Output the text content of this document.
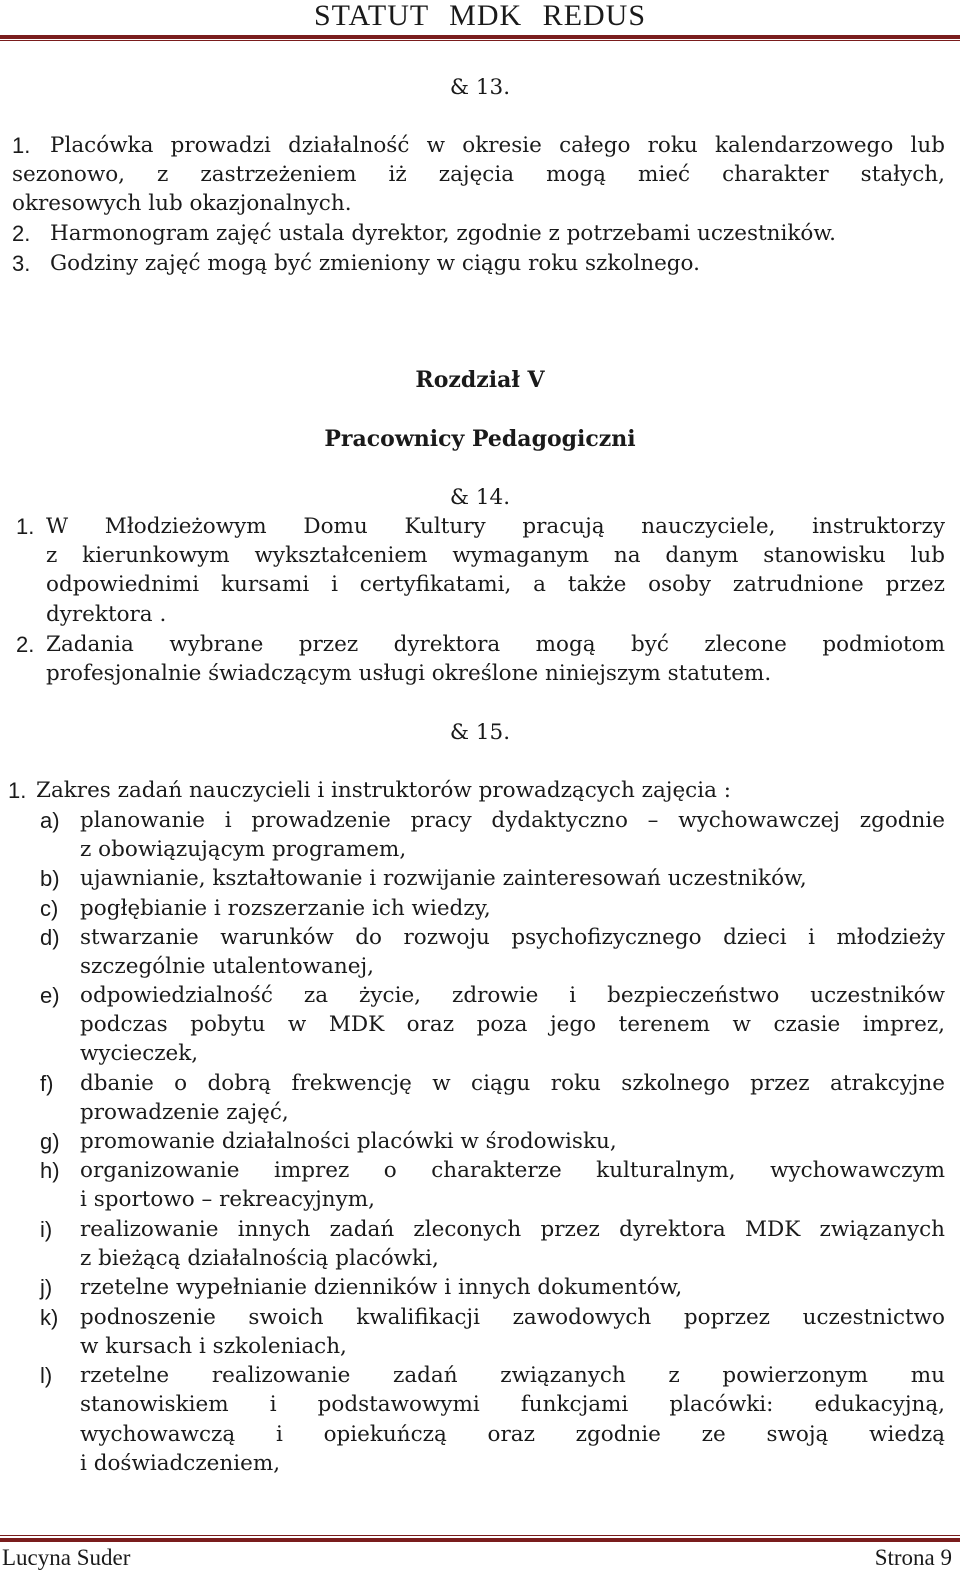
STATUT MDK REDUS
& 13.
1. Placówka prowadzi działalność w okresie całego roku kalendarzowego lub
sezonowo, z zastrzeżeniem iż zajęcia mogą mieć charakter stałych,
okresowych lub okazjonalnych.
2. Harmonogram zajęć ustala dyrektor, zgodnie z potrzebami uczestników.
3. Godziny zajęć mogą być zmieniony w ciągu roku szkolnego.
Rozdział V
Pracownicy Pedagogiczni
& 14.
1. W Młodzieżowym Domu Kultury pracują nauczyciele, instruktorzy
z kierunkowym wykształceniem wymaganym na danym stanowisku lub
odpowiednimi kursami i certyfikatami, a także osoby zatrudnione przez
dyrektora .
2. Zadania wybrane przez dyrektora mogą być zlecone podmiotom
profesjonalnie świadczącym usługi określone niniejszym statutem.
& 15.
1. Zakres zadań nauczycieli i instruktorów prowadzących zajęcia :
a) planowanie i prowadzenie pracy dydaktyczno – wychowawczej zgodnie
z obowiązującym programem,
b) ujawnianie, kształtowanie i rozwijanie zainteresowań uczestników,
c) pogłębianie i rozszerzanie ich wiedzy,
d) stwarzanie warunków do rozwoju psychofizycznego dzieci i młodzieży
szczególnie utalentowanej,
e) odpowiedzialność za życie, zdrowie i bezpieczeństwo uczestników
podczas pobytu w MDK oraz poza jego terenem w czasie imprez,
wycieczek,
f) dbanie o dobrą frekwencję w ciągu roku szkolnego przez atrakcyjne
prowadzenie zajęć,
g) promowanie działalności placówki w środowisku,
h) organizowanie imprez o charakterze kulturalnym, wychowawczym
i sportowo – rekreacyjnym,
i) realizowanie innych zadań zleconych przez dyrektora MDK związanych
z bieżącą działalnością placówki,
j) rzetelne wypełnianie dzienników i innych dokumentów,
k) podnoszenie swoich kwalifikacji zawodowych poprzez uczestnictwo
w kursach i szkoleniach,
l) rzetelne realizowanie zadań związanych z powierzonym mu
stanowiskiem i podstawowymi funkcjami placówki: edukacyjną,
wychowawczą i opiekuńczą oraz zgodnie ze swoją wiedzą
i doświadczeniem,
Lucyna Suder	Strona 9
